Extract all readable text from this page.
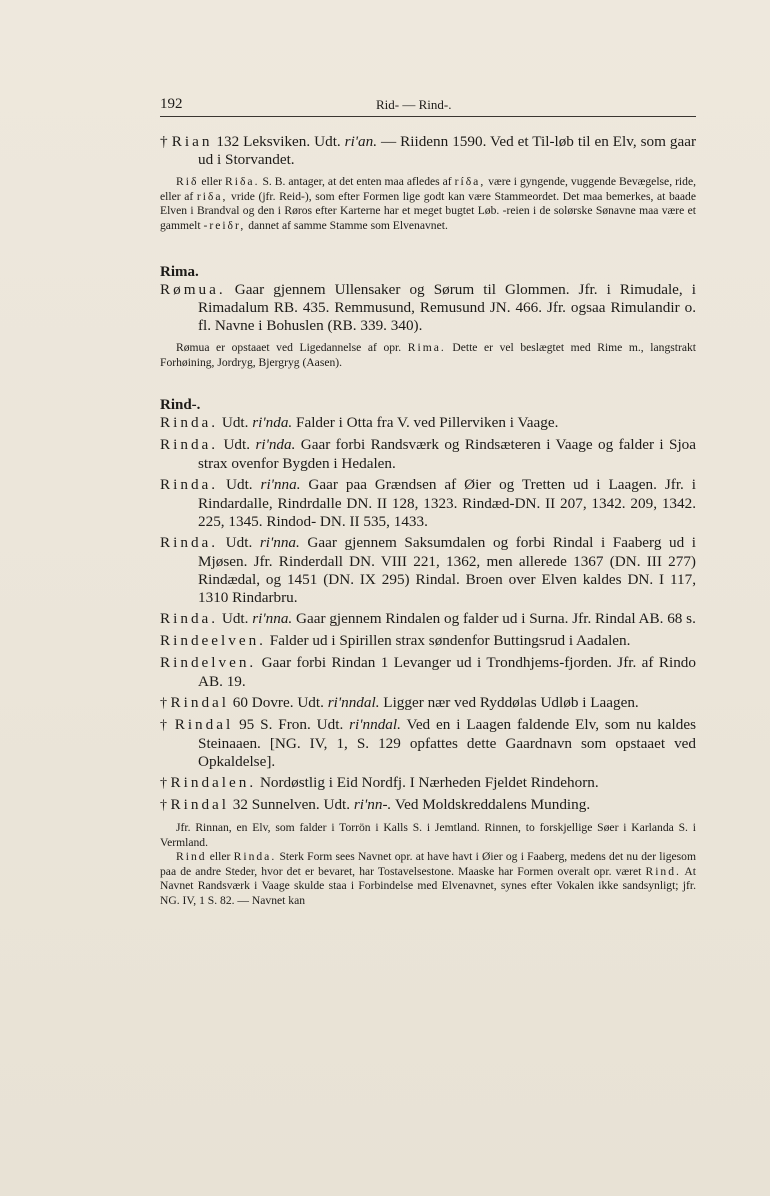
192	Rid- — Rind-.

† Rian 132 Leksviken. Udt. ri'an. — Riidenn 1590. Ved et Til-løb til en Elv, som gaar ud i Storvandet.

Riδ eller Riδa. S. B. antager, at det enten maa afledes af ríδa, være i gyngende, vuggende Bevægelse, ride, eller af riδa, vride (jfr. Reid-), som efter Formen lige godt kan være Stammeordet. Det maa bemerkes, at baade Elven i Brandval og den i Røros efter Karterne har et meget bugtet Løb. -reien i de solørske Sønavne maa være et gammelt -reiδr, dannet af samme Stamme som Elvenavnet.

Rima.

Rømua. Gaar gjennem Ullensaker og Sørum til Glommen. Jfr. i Rimudale, i Rimadalum RB. 435. Remmusund, Remusund JN. 466. Jfr. ogsaa Rimulandir o. fl. Navne i Bohuslen (RB. 339. 340).

Rømua er opstaaet ved Ligedannelse af opr. Rima. Dette er vel beslægtet med Rime m., langstrakt Forhøining, Jordryg, Bjergryg (Aasen).

Rind-.

Rinda. Udt. ri'nda. Falder i Otta fra V. ved Pillerviken i Vaage.

Rinda. Udt. ri'nda. Gaar forbi Randsværk og Rindsæteren i Vaage og falder i Sjoa strax ovenfor Bygden i Hedalen.

Rinda. Udt. ri'nna. Gaar paa Grændsen af Øier og Tretten ud i Laagen. Jfr. i Rindardalle, Rindrdalle DN. II 128, 1323. Rindæd-DN. II 207, 1342. 209, 1342. 225, 1345. Rindod- DN. II 535, 1433.

Rinda. Udt. ri'nna. Gaar gjennem Saksumdalen og forbi Rindal i Faaberg ud i Mjøsen. Jfr. Rinderdall DN. VIII 221, 1362, men allerede 1367 (DN. III 277) Rindædal, og 1451 (DN. IX 295) Rindal. Broen over Elven kaldes DN. I 117, 1310 Rindarbru.

Rinda. Udt. ri'nna. Gaar gjennem Rindalen og falder ud i Surna. Jfr. Rindal AB. 68 s.

Rindeelven. Falder ud i Spirillen strax søndenfor Buttingsrud i Aadalen.

Rindelven. Gaar forbi Rindan 1 Levanger ud i Trondhjems-fjorden. Jfr. af Rindo AB. 19.

† Rindal 60 Dovre. Udt. ri'nndal. Ligger nær ved Ryddølas Udløb i Laagen.

† Rindal 95 S. Fron. Udt. ri'nndal. Ved en i Laagen faldende Elv, som nu kaldes Steinaaen. [NG. IV, 1, S. 129 opfattes dette Gaardnavn som opstaaet ved Opkaldelse].

† Rindalen. Nordøstlig i Eid Nordfj. I Nærheden Fjeldet Rindehorn.

† Rindal 32 Sunnelven. Udt. ri'nn-. Ved Moldskreddalens Munding.

Jfr. Rinnan, en Elv, som falder i Torrön i Kalls S. i Jemtland. Rinnen, to forskjellige Søer i Karlanda S. i Vermland.

Rind eller Rinda. Sterk Form sees Navnet opr. at have havt i Øier og i Faaberg, medens det nu der ligesom paa de andre Steder, hvor det er bevaret, har Tostavelsestone. Maaske har Formen overalt opr. været Rind. At Navnet Randsværk i Vaage skulde staa i Forbindelse med Elvenavnet, synes efter Vokalen ikke sandsynligt; jfr. NG. IV, 1 S. 82. — Navnet kan
